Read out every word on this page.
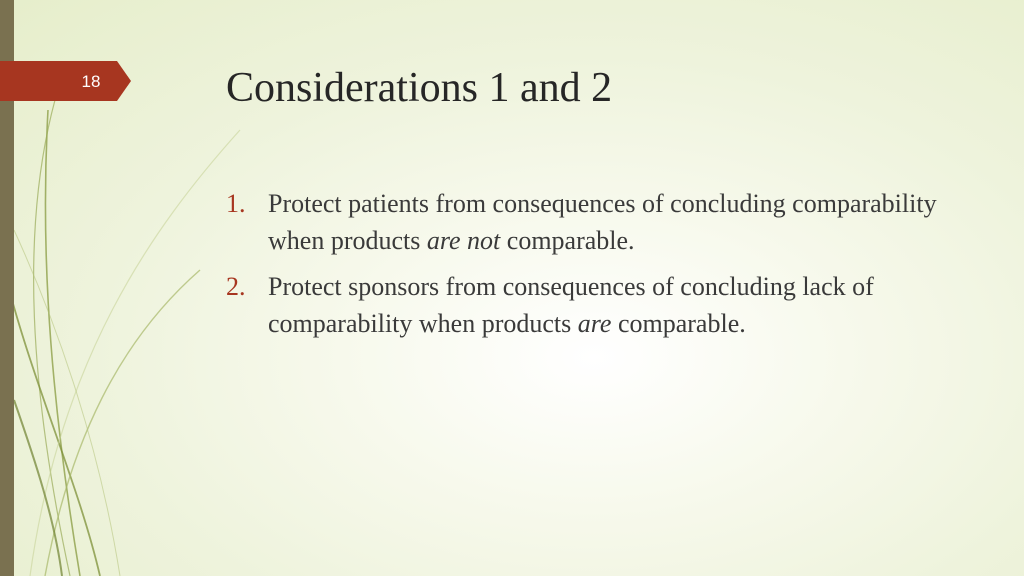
18	Considerations 1 and 2
1. Protect patients from consequences of concluding comparability when products are not comparable.
2. Protect sponsors from consequences of concluding lack of comparability when products are comparable.
